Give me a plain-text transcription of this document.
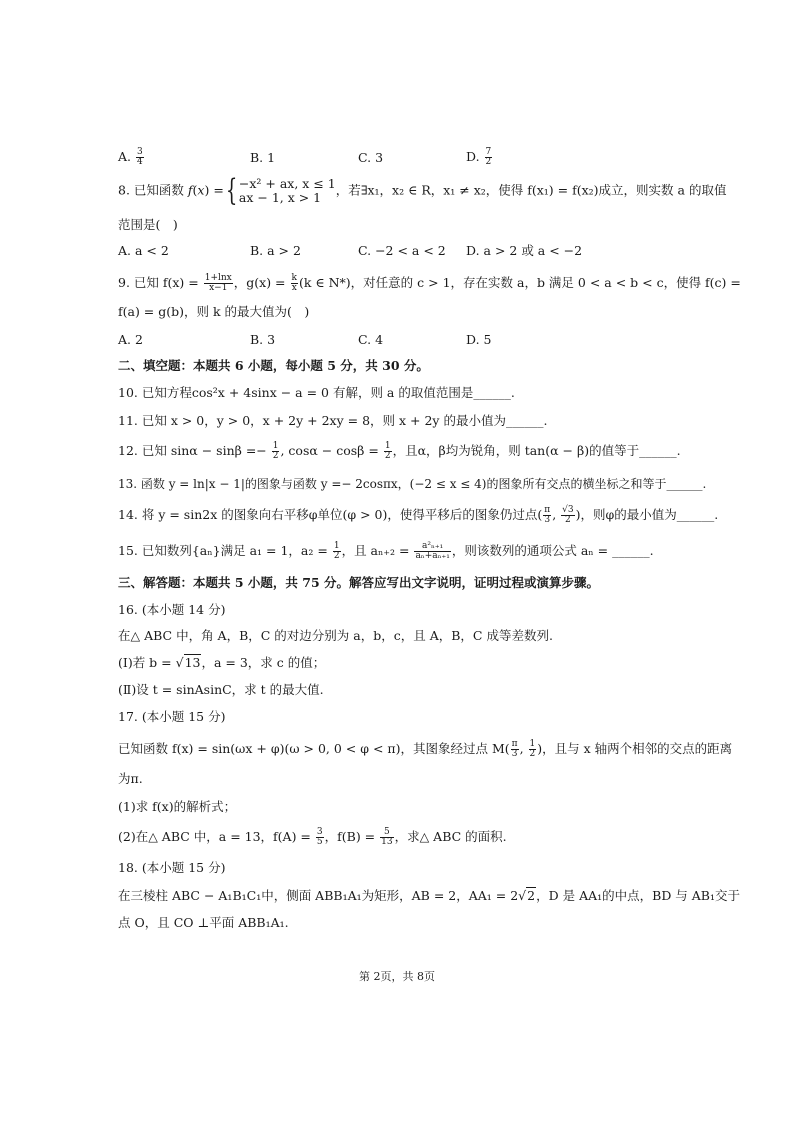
A. $\frac{3}{4}$	B. 1	C. 3	D. $\frac{7}{2}$
8. 已知函数 f(x) ={ −x² + ax, x ≤ 1
ax − 1, x > 1	，若∃x₁，x₂ ∈ R，x₁ ≠ x₂，使得 f(x₁) = f(x₂)成立，则实数 a 的取值
范围是(　)
A. a < 2	B. a > 2	C. −2 < a < 2 D. a > 2 或 a < −2
9. 已知 $f(x) = \frac{1+\ln x}{x-1}$ ，$g(x) = \frac{k}{x} (k$ ∈ N*)，对任意的 c > 1，存在实数 a，b 满足 0 < a < b < c，使得 f(c) =
f(a) = g(b)，则 k 的最大值为(　)
A. 2	B. 3	C. 4	D. 5
二、填空题：本题共 6 小题，每小题 5 分，共 30 分。
10. 已知方程cos²x + 4sinx − a = 0 有解，则 a 的取值范围是______.
11. 已知 x > 0，y > 0，x + 2y + 2xy = 8，则 x + 2y 的最小值为______.
12. 已知 $\sin\alpha - \sin\beta =- \frac{1}{2}$ , $\cos\alpha - \cos\beta = \frac{1}{2}$ ，且α，β均为锐角，则 tan(α − β)的值等于______.
13. 函数 y = ln|x − 1|的图象与函数 y =− 2cosπx，(−2 ≤ x ≤ 4)的图象所有交点的横坐标之和等于______.
14. 将 y = sin2x 的图象向右平移φ单位(φ > 0)，使得平移后的图象仍过点( $\frac{\pi}{3}$ , $\frac{√3}{2}$ )，则φ的最小值为______.
15. 已知数列{aₙ}满足 a₁ = 1，$a_2 = \frac{1}{2}$ ，且 $a_{n+2} = \frac{\text{a²ₙ₊₁}}{\text{aₙ+aₙ₊₁}}$ ，则该数列的通项公式 aₙ = ______.
三、解答题：本题共 5 小题，共 75 分。解答应写出文字说明，证明过程或演算步骤。
16. (本小题 14 分)
在△ ABC 中，角 A，B，C 的对边分别为 a，b，c，且 A，B，C 成等差数列.
(Ⅰ)若 b = √13，a = 3，求 c 的值；
(Ⅱ)设 t = sinAsinC，求 t 的最大值.
17. (本小题 15 分)
已知函数 f(x) = sin(ωx + φ)(ω > 0, 0 < φ < π)，其图象经过点 $M( \frac{\pi}{3}$ , $\frac{1}{2}$ )，且与 x 轴两个相邻的交点的距离
为π.
(1)求 f(x)的解析式；
(2)在△ ABC 中，a = 13，$f(A) = \frac{3}{5}$ ，$f(B) = \frac{5}{13}$ ，求△ ABC 的面积.
18. (本小题 15 分)
在三棱柱 ABC − A₁B₁C₁中，侧面 ABB₁A₁为矩形，AB = 2，AA₁ = 2√2，D 是 AA₁的中点，BD 与 AB₁交于
点 O，且 CO ⊥平面 ABB₁A₁.
第 2页，共 8页
